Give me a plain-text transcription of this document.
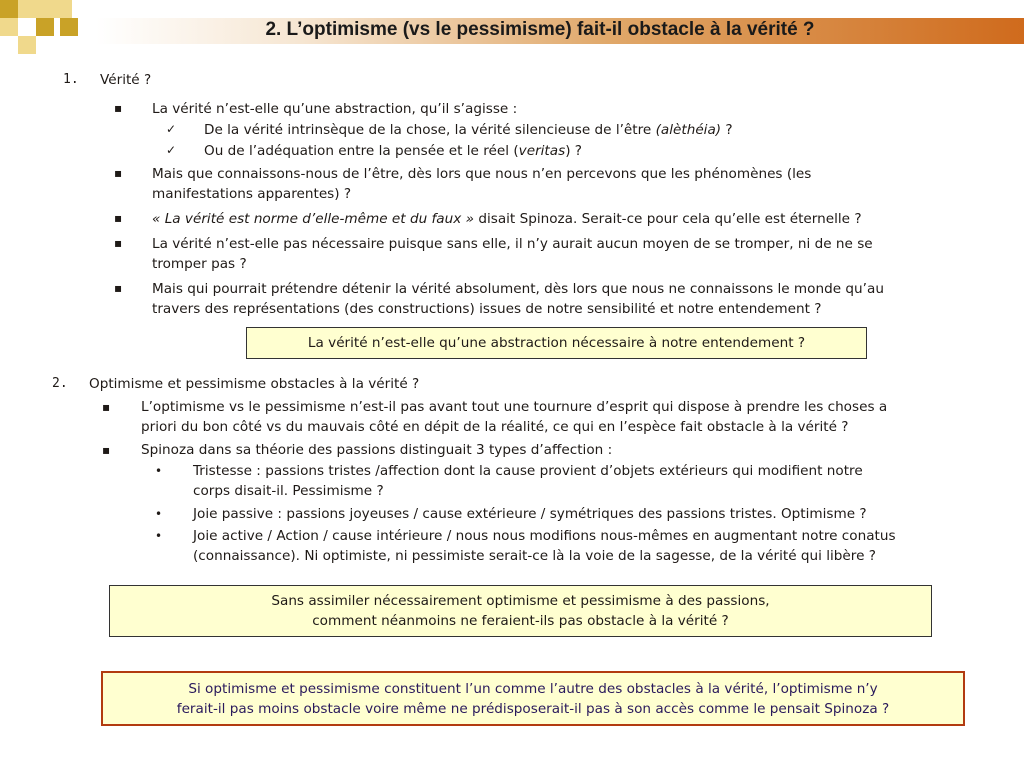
2. L’optimisme (vs le pessimisme) fait-il obstacle à la vérité ?
1. Vérité ?
▪ La vérité n’est-elle qu’une abstraction, qu’il s’agisse :
✓ De la vérité intrinsèque de la chose, la vérité silencieuse de l’être (alèthéia) ?
✓ Ou de l’adéquation entre la pensée et le réel (veritas) ?
▪ Mais que connaissons-nous de l’être, dès lors que nous n’en percevons que les phénomènes (les
manifestations apparentes) ?
▪ « La vérité est norme d’elle-même et du faux » disait Spinoza. Serait-ce pour cela qu’elle est éternelle ?
▪ La vérité n’est-elle pas nécessaire puisque sans elle, il n’y aurait aucun moyen de se tromper, ni de ne se
tromper pas ?
▪ Mais qui pourrait prétendre détenir la vérité absolument, dès lors que nous ne connaissons le monde qu’au
travers des représentations (des constructions) issues de notre sensibilité et notre entendement ?
La vérité n’est-elle qu’une abstraction nécessaire à notre entendement ?
2. Optimisme et pessimisme obstacles à la vérité ?
▪ L’optimisme vs le pessimisme n’est-il pas avant tout une tournure d’esprit qui dispose à prendre les choses a
priori du bon côté vs du mauvais côté en dépit de la réalité, ce qui en l’espèce fait obstacle à la vérité ?
▪ Spinoza dans sa théorie des passions distinguait 3 types d’affection :
• Tristesse : passions tristes /affection dont la cause provient d’objets extérieurs qui modifient notre
corps disait-il. Pessimisme ?
• Joie passive : passions joyeuses / cause extérieure / symétriques des passions tristes. Optimisme ?
• Joie active / Action / cause intérieure / nous nous modifions nous-mêmes en augmentant notre conatus
(connaissance). Ni optimiste, ni pessimiste serait-ce là la voie de la sagesse, de la vérité qui libère ?
Sans assimiler nécessairement optimisme et pessimisme à des passions,
comment néanmoins ne feraient-ils pas obstacle à la vérité ?
Si optimisme et pessimisme constituent l’un comme l’autre des obstacles à la vérité, l’optimisme n’y
ferait-il pas moins obstacle voire même ne prédisposerait-il pas à son accès comme le pensait Spinoza ?
